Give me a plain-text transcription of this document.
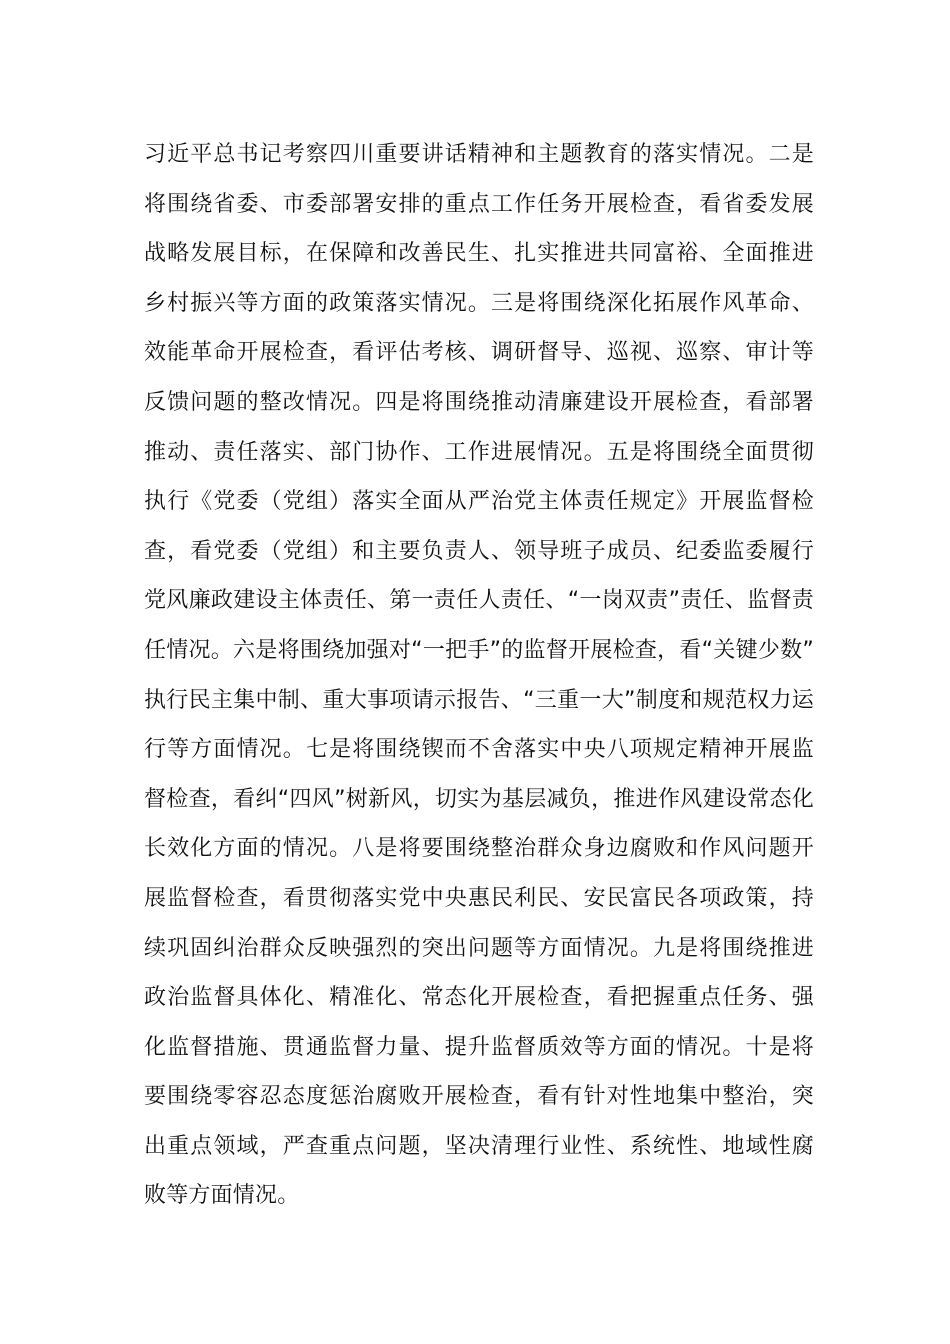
习近平总书记考察四川重要讲话精神和主题教育的落实情况。二是
将围绕省委、市委部署安排的重点工作任务开展检查，看省委发展
战略发展目标，在保障和改善民生、扎实推进共同富裕、全面推进
乡村振兴等方面的政策落实情况。三是将围绕深化拓展作风革命、
效能革命开展检查，看评估考核、调研督导、巡视、巡察、审计等
反馈问题的整改情况。四是将围绕推动清廉建设开展检查，看部署
推动、责任落实、部门协作、工作进展情况。五是将围绕全面贯彻
执行《党委（党组）落实全面从严治党主体责任规定》开展监督检
查，看党委（党组）和主要负责人、领导班子成员、纪委监委履行
党风廉政建设主体责任、第一责任人责任、“一岗双责”责任、监督责
任情况。六是将围绕加强对“一把手”的监督开展检查，看“关键少数”
执行民主集中制、重大事项请示报告、“三重一大”制度和规范权力运
行等方面情况。七是将围绕锲而不舍落实中央八项规定精神开展监
督检查，看纠“四风”树新风，切实为基层减负，推进作风建设常态化
长效化方面的情况。八是将要围绕整治群众身边腐败和作风问题开
展监督检查，看贯彻落实党中央惠民利民、安民富民各项政策，持
续巩固纠治群众反映强烈的突出问题等方面情况。九是将围绕推进
政治监督具体化、精准化、常态化开展检查，看把握重点任务、强
化监督措施、贯通监督力量、提升监督质效等方面的情况。十是将
要围绕零容忍态度惩治腐败开展检查，看有针对性地集中整治，突
出重点领域，严查重点问题，坚决清理行业性、系统性、地域性腐
败等方面情况。
